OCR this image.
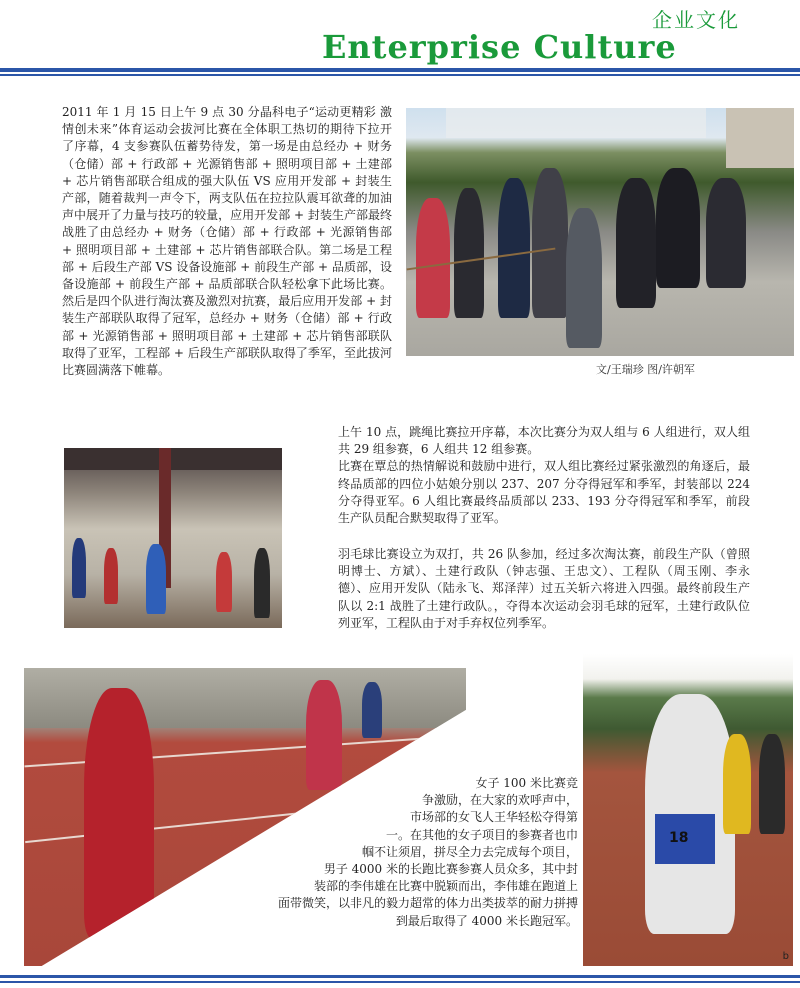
企业文化
Enterprise Culture
文/王瑞珍 图/许朝军
2011 年 1 月 15 日上午 9 点 30 分晶科电子“运动更精彩 激情创未来”体育运动会拔河比赛在全体职工热切的期待下拉开了序幕，4 支参赛队伍蓄势待发，第一场是由总经办 + 财务（仓储）部 + 行政部 + 光源销售部 + 照明项目部 + 土建部 + 芯片销售部联合组成的强大队伍 VS 应用开发部 + 封装生产部，随着裁判一声令下，两支队伍在拉拉队震耳欲聋的加油声中展开了力量与技巧的较量，应用开发部 + 封装生产部最终战胜了由总经办 + 财务（仓储）部 + 行政部 + 光源销售部 + 照明项目部 + 土建部 + 芯片销售部联合队。第二场是工程部 + 后段生产部 VS 设备设施部 + 前段生产部 + 品质部，设备设施部 + 前段生产部 + 品质部联合队轻松拿下此场比赛。然后是四个队进行淘汰赛及激烈对抗赛，最后应用开发部 + 封装生产部联队取得了冠军，总经办 + 财务（仓储）部 + 行政部 + 光源销售部 + 照明项目部 + 土建部 + 芯片销售部联队取得了亚军，工程部 + 后段生产部联队取得了季军，至此拔河比赛圆满落下帷幕。
上午 10 点，跳绳比赛拉开序幕，本次比赛分为双人组与 6 人组进行，双人组共 29 组参赛，6 人组共 12 组参赛。
比赛在覃总的热情解说和鼓励中进行，双人组比赛经过紧张激烈的角逐后，最终品质部的四位小姑娘分别以 237、207 分夺得冠军和季军，封装部以 224 分夺得亚军。6 人组比赛最终品质部以 233、193 分夺得冠军和季军，前段生产队员配合默契取得了亚军。
羽毛球比赛设立为双打，共 26 队参加，经过多次淘汰赛，前段生产队（曾照明博士、方斌）、土建行政队（钟志强、王忠文）、工程队（周玉刚、李永德）、应用开发队（陆永飞、郑泽萍）过五关斩六将进入四强。最终前段生产队以 2:1 战胜了土建行政队。，夺得本次运动会羽毛球的冠军，土建行政队位列亚军，工程队由于对手弃权位列季军。
女子 100 米比赛竞
争激励，在大家的欢呼声中，
市场部的女飞人王华轻松夺得第
一。在其他的女子项目的参赛者也巾
帼不让须眉，拼尽全力去完成每个项目，
男子 4000 米的长跑比赛参赛人员众多，其中封
装部的李伟雄在比赛中脱颖而出，李伟雄在跑道上
面带微笑，以非凡的毅力超常的体力出类拔萃的耐力拼搏
到最后取得了 4000 米长跑冠军。
18
b
